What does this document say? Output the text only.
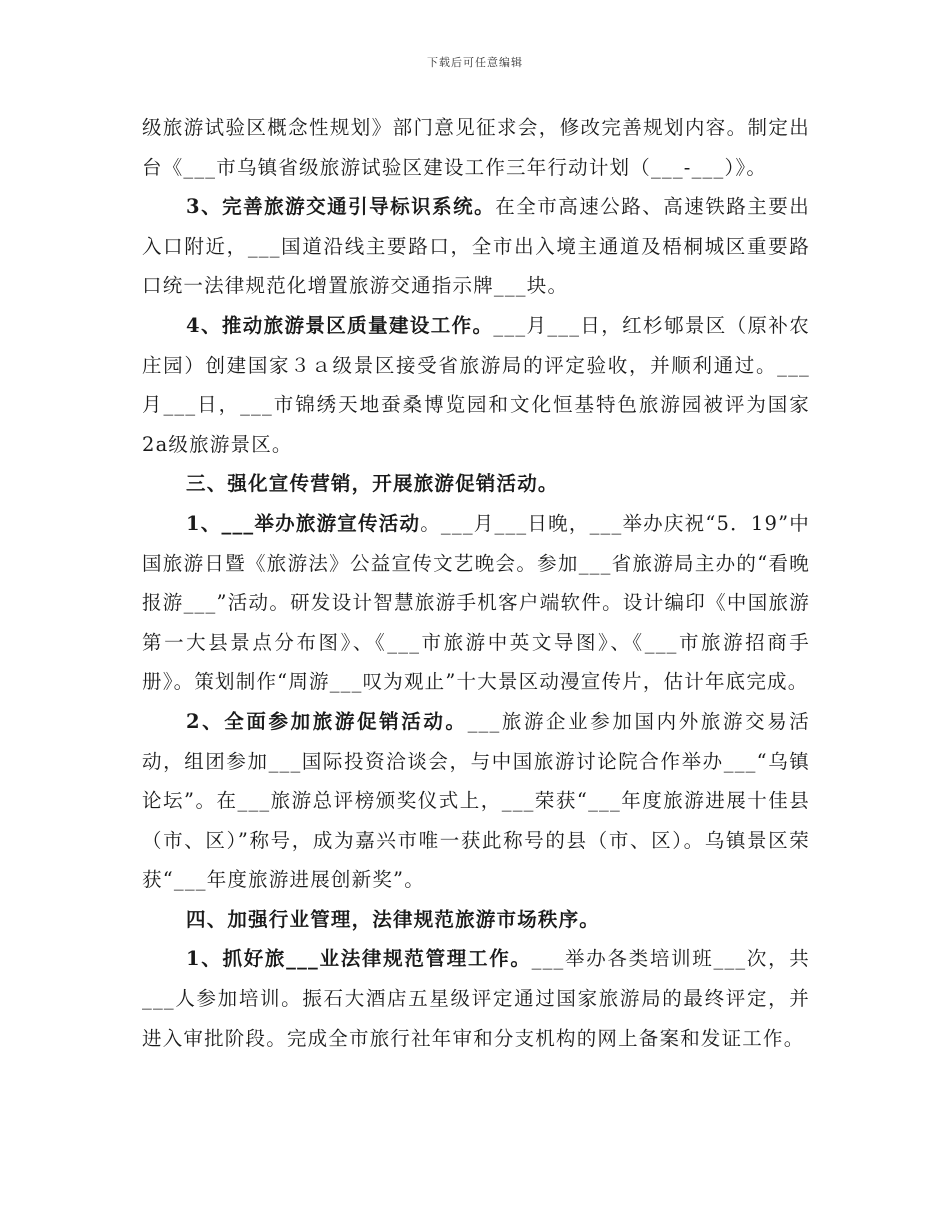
下载后可任意编辑

级旅游试验区概念性规划》部门意见征求会，修改完善规划内容。制定出台《___市乌镇省级旅游试验区建设工作三年行动计划（___-___）》。

3、完善旅游交通引导标识系统。在全市高速公路、高速铁路主要出入口附近，___国道沿线主要路口，全市出入境主通道及梧桐城区重要路口统一法律规范化增置旅游交通指示牌___块。

4、推动旅游景区质量建设工作。___月___日，红杉郇景区（原补农庄园）创建国家３ａ级景区接受省旅游局的评定验收，并顺利通过。___月___日，___市锦绣天地蚕桑博览园和文化恒基特色旅游园被评为国家2a级旅游景区。

三、强化宣传营销，开展旅游促销活动。

1、___举办旅游宣传活动。___月___日晚，___举办庆祝“5．19”中国旅游日暨《旅游法》公益宣传文艺晚会。参加___省旅游局主办的“看晚报游___”活动。研发设计智慧旅游手机客户端软件。设计编印《中国旅游第一大县景点分布图》、《___市旅游中英文导图》、《___市旅游招商手册》。策划制作“周游___叹为观止”十大景区动漫宣传片，估计年底完成。

2、全面参加旅游促销活动。___旅游企业参加国内外旅游交易活动，组团参加___国际投资洽谈会，与中国旅游讨论院合作举办___“乌镇论坛”。在___旅游总评榜颁奖仪式上，___荣获“___年度旅游进展十佳县（市、区）”称号，成为嘉兴市唯一获此称号的县（市、区）。乌镇景区荣获“___年度旅游进展创新奖”。

四、加强行业管理，法律规范旅游市场秩序。

1、抓好旅___业法律规范管理工作。___举办各类培训班___次，共___人参加培训。振石大酒店五星级评定通过国家旅游局的最终评定，并进入审批阶段。完成全市旅行社年审和分支机构的网上备案和发证工作。
